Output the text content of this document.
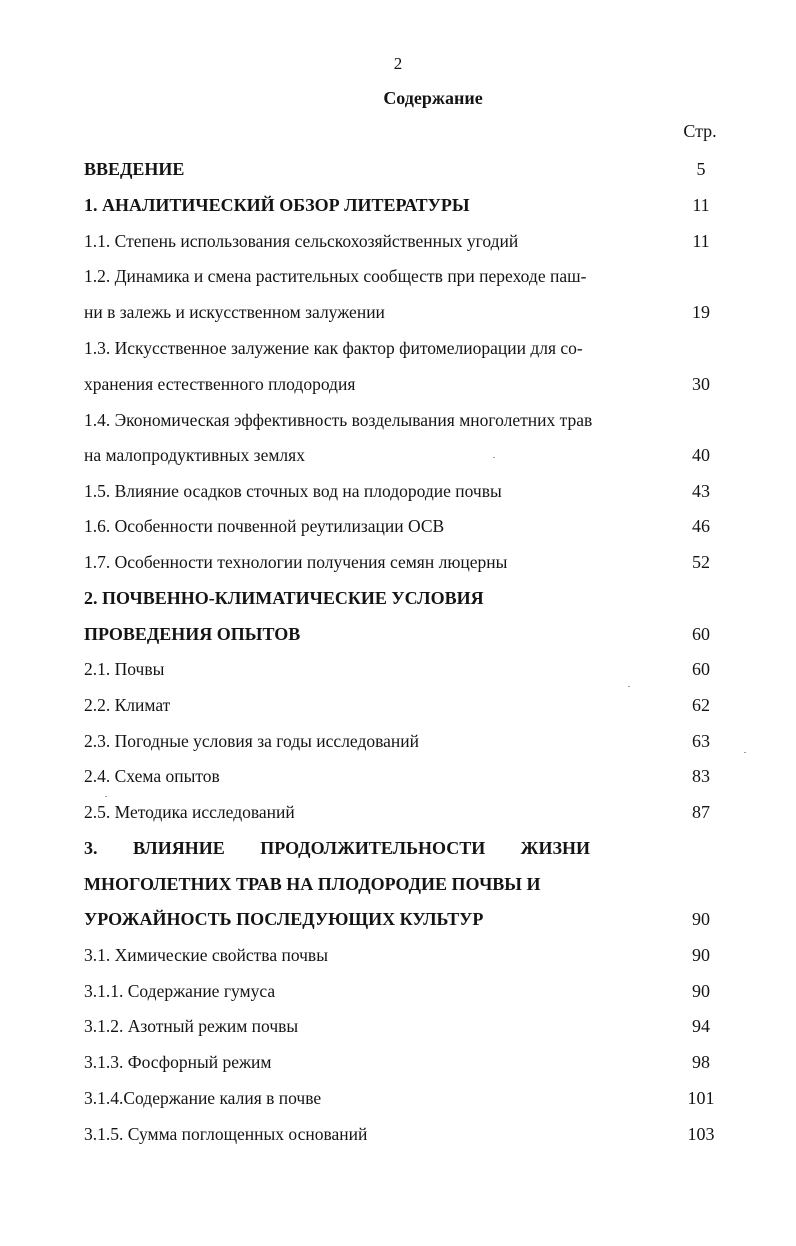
2
Содержание
Стр.
ВВЕДЕНИЕ	5
1. АНАЛИТИЧЕСКИЙ ОБЗОР ЛИТЕРАТУРЫ	11
1.1. Степень использования сельскохозяйственных угодий	11
1.2. Динамика и смена растительных сообществ при переходе паш-
ни в залежь и искусственном залужении	19
1.3. Искусственное залужение как фактор фитомелиорации для со-
хранения естественного плодородия	30
1.4. Экономическая эффективность возделывания многолетних трав
на малопродуктивных землях	40
1.5. Влияние осадков сточных вод на плодородие почвы	43
1.6. Особенности почвенной реутилизации ОСВ	46
1.7. Особенности технологии получения семян люцерны	52
2. ПОЧВЕННО-КЛИМАТИЧЕСКИЕ УСЛОВИЯ
ПРОВЕДЕНИЯ ОПЫТОВ	60
2.1. Почвы	60
2.2. Климат	62
2.3. Погодные условия за годы исследований	63
2.4. Схема опытов	83
2.5. Методика исследований	87
3. ВЛИЯНИЕ ПРОДОЛЖИТЕЛЬНОСТИ ЖИЗНИ
МНОГОЛЕТНИХ ТРАВ НА ПЛОДОРОДИЕ ПОЧВЫ И
УРОЖАЙНОСТЬ ПОСЛЕДУЮЩИХ КУЛЬТУР	90
3.1. Химические свойства почвы	90
3.1.1. Содержание гумуса	90
3.1.2. Азотный режим почвы	94
3.1.3. Фосфорный режим	98
3.1.4.Содержание калия в почве	101
3.1.5. Сумма поглощенных оснований	103
